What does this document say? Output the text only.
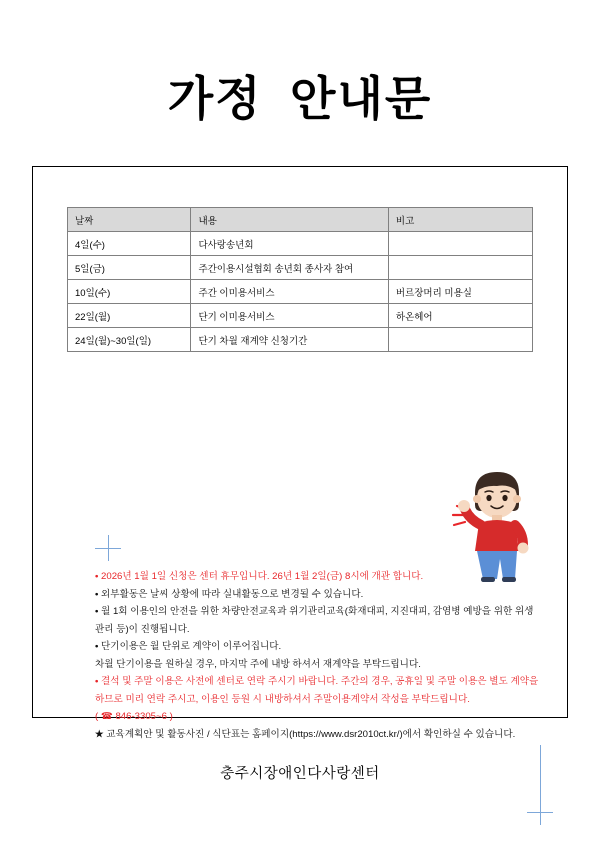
가정  안내문
날짜	내용	비고
4일(수)	다사랑송년회	
5일(금)	주간이용시설협회 송년회 종사자 참여	
10일(수)	주간 이미용서비스	버르장머리 미용실
22일(월)	단기 이미용서비스	하온헤어
24일(월)~30일(일)	단기 차월 재계약 신청기간	
• 2026년 1월 1일 신청은 센터 휴무입니다. 26년 1월 2일(금) 8시에 개관 합니다.
• 외부활동은 날씨 상황에 따라 실내활동으로 변경될 수 있습니다.
• 월 1회 이용인의 안전을 위한 차량안전교육과 위기관리교육(화재대피, 지진대피, 감염병 예방을 위한 위생관리 등)이 진행됩니다.
• 단기이용은 월 단위로 계약이 이루어집니다.
차월 단기이용을 원하실 경우, 마지막 주에 내방 하셔서 재계약을 부탁드립니다.
• 결석 및 주말 이용은 사전에 센터로 연락 주시기 바랍니다. 주간의 경우, 공휴일 및 주말 이용은 별도 계약을 하므로 미리 연락 주시고, 이용인 등원 시 내방하셔서 주말이용계약서 작성을 부탁드립니다.
( ☎ 846-3305~6 )
★ 교육계획안 및 활동사진 / 식단표는 홈페이지(https://www.dsr2010ct.kr/)에서 확인하실 수 있습니다.
충주시장애인다사랑센터
